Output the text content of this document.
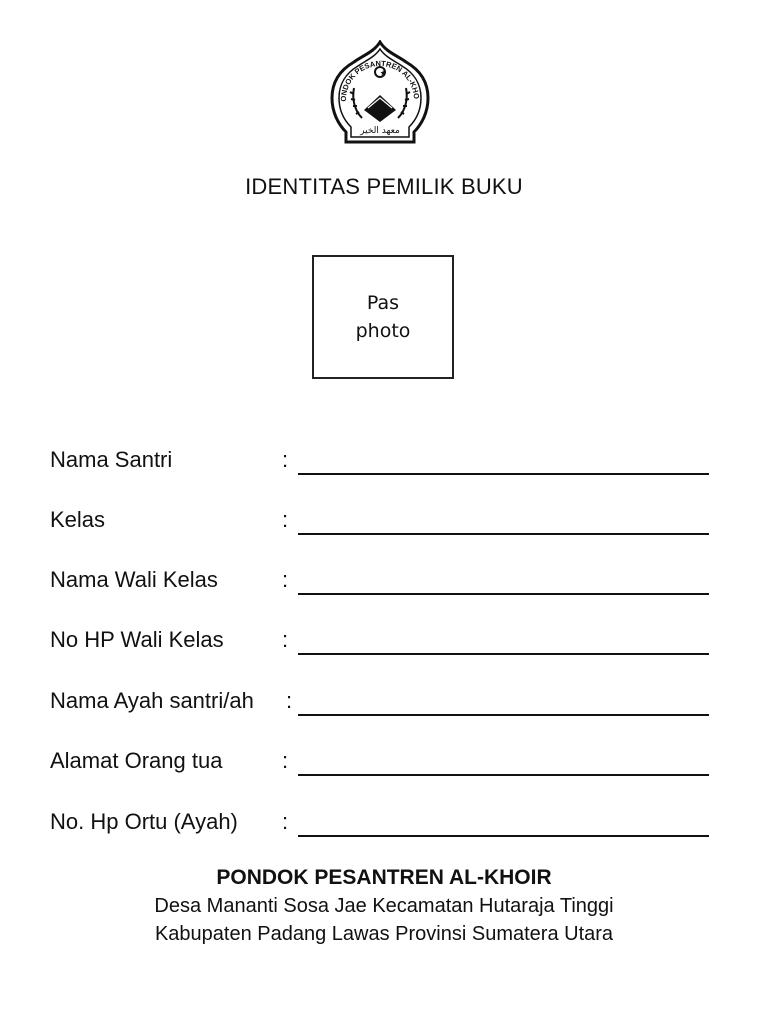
ONDOK PESANTREN AL-KHO
معهد الخير
IDENTITAS PEMILIK BUKU
Pas
photo
Nama Santri	:
Kelas	:
Nama Wali Kelas	:
No HP Wali Kelas	:
Nama Ayah santri/ah :
Alamat Orang tua	:
No. Hp Ortu (Ayah) :
PONDOK PESANTREN AL-KHOIR
Desa Mananti Sosa Jae Kecamatan Hutaraja Tinggi
Kabupaten Padang Lawas Provinsi Sumatera Utara
